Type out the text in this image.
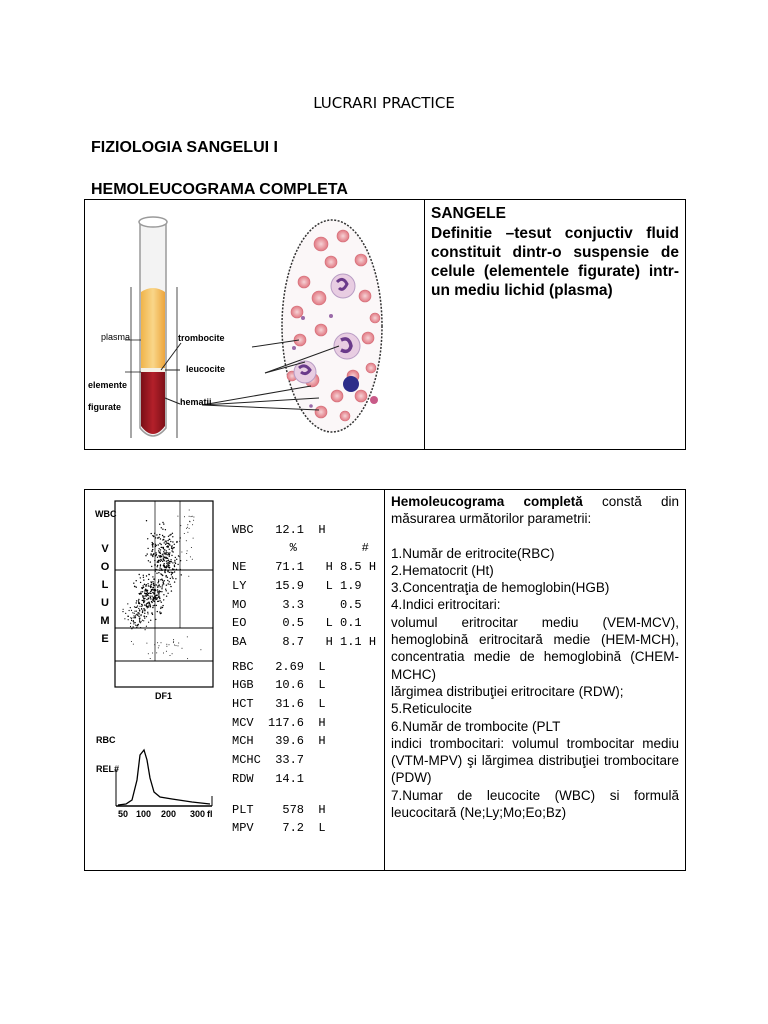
LUCRARI PRACTICE
FIZIOLOGIA SANGELUI I
HEMOLEUCOGRAMA COMPLETA
plasma	trombocite
leucocite
elemente
figurate	hematii
SANGELE
Definitie –tesut conjuctiv fluid constituit dintr-o suspensie de celule (elementele figurate) intr-un mediu lichid (plasma)
WBC
V
O
L
U
M
E
DF1
RBC
REL#
50 100 200 300 fl

WBC   12.1  H
%         #
NE    71.1   H 8.5 H
LY    15.9   L 1.9
MO     3.3     0.5
EO     0.5   L 0.1
BA     8.7   H 1.1 H
RBC   2.69  L
HGB   10.6  L
HCT   31.6  L
MCV  117.6  H
MCH   39.6  H
MCHC  33.7
RDW   14.1
PLT    578  H
MPV    7.2  L

Hemoleucograma completă constă din măsurarea următorilor parametrii:

1.Număr de eritrocite(RBC)

2.Hematocrit (Ht)

3.Concentraţia de hemoglobin(HGB)

4.Indici eritrocitari:

volumul eritrocitar mediu (VEM-MCV), hemoglobină eritrocitară medie (HEM-MCH), concentratia medie de hemoglobină (CHEM-MCHC)

lărgimea distribuţiei eritrocitare (RDW);

5.Reticulocite

6.Număr de trombocite (PLT

indici trombocitari: volumul trombocitar mediu (VTM-MPV) şi lărgimea distribuţiei trombocitare (PDW)

7.Numar de leucocite (WBC) si formulă leucocitară (Ne;Ly;Mo;Eo;Bz)
